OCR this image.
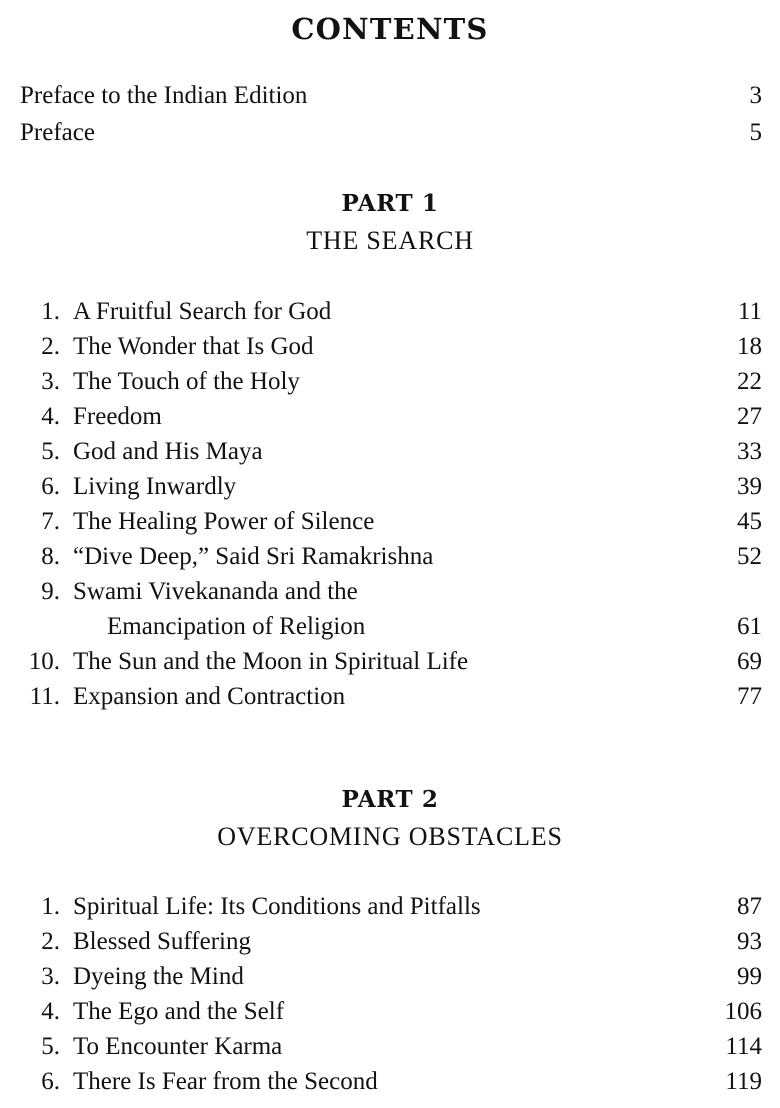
CONTENTS
Preface to the Indian Edition	3
Preface	5
PART 1
THE SEARCH
1. A Fruitful Search for God	11
2. The Wonder that Is God	18
3. The Touch of the Holy	22
4. Freedom	27
5. God and His Maya	33
6. Living Inwardly	39
7. The Healing Power of Silence	45
8. “Dive Deep,” Said Sri Ramakrishna	52
9. Swami Vivekananda and the
Emancipation of Religion	61
10. The Sun and the Moon in Spiritual Life	69
11. Expansion and Contraction	77
PART 2
OVERCOMING OBSTACLES
1. Spiritual Life: Its Conditions and Pitfalls	87
2. Blessed Suffering	93
3. Dyeing the Mind	99
4. The Ego and the Self	106
5. To Encounter Karma	114
6. There Is Fear from the Second	119
